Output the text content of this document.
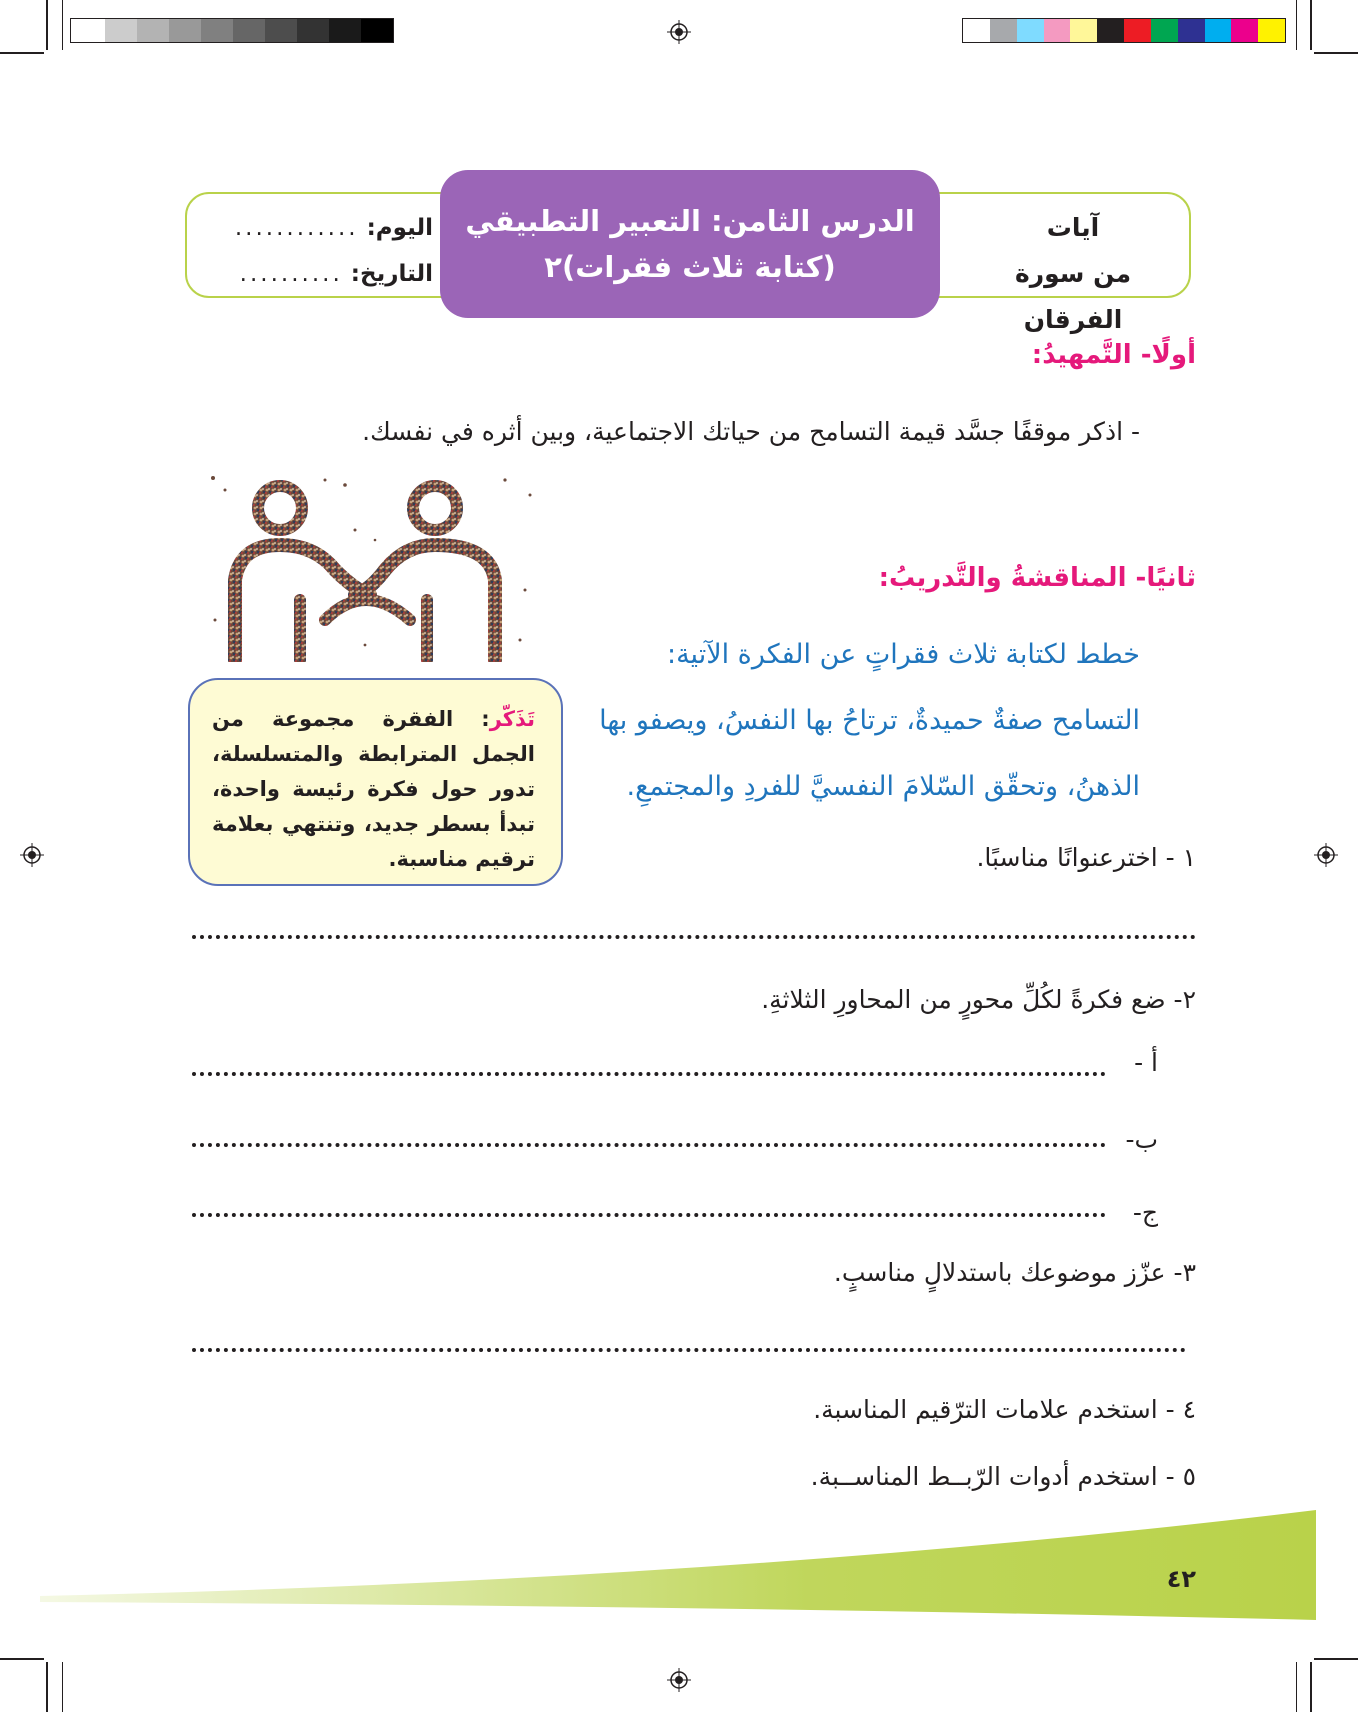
آيات
من سورة الفرقان
الدرس الثامن: التعبير التطبيقي
(كتابة ثلاث فقرات)٢
اليوم:
............
التاريخ:
..........
أولًا- التَّمهيدُ:
- اذكر موقفًا جسَّد قيمة التسامح من حياتك الاجتماعية، وبين أثره في نفسك.
ثانيًا- المناقشةُ والتَّدريبُ:
خطط لكتابة ثلاث فقراتٍ عن الفكرة الآتية:
التسامح صفةٌ حميدةٌ، ترتاحُ بها النفسُ، ويصفو بها
الذهنُ، وتحقّق السّلامَ النفسيَّ للفردِ والمجتمعِ.
تَذَكّر: الفقرة مجموعة من الجمل المترابطة والمتسلسلة، تدور حول فكرة رئيسة واحدة، تبدأ بسطر جديد، وتنتهي بعلامة ترقيم مناسبة.	١ - اخترعنوانًا مناسبًا.
٢- ضع فكرةً لكُلِّ محورٍ من المحاورِ الثلاثةِ.
أ -
ب-
ج-
٣- عزّز موضوعك باستدلالٍ مناسبٍ.
٤ - استخدم علامات الترّقيم المناسبة.
٥ - استخدم أدوات الرّبــط المناســبة.
٤٢
